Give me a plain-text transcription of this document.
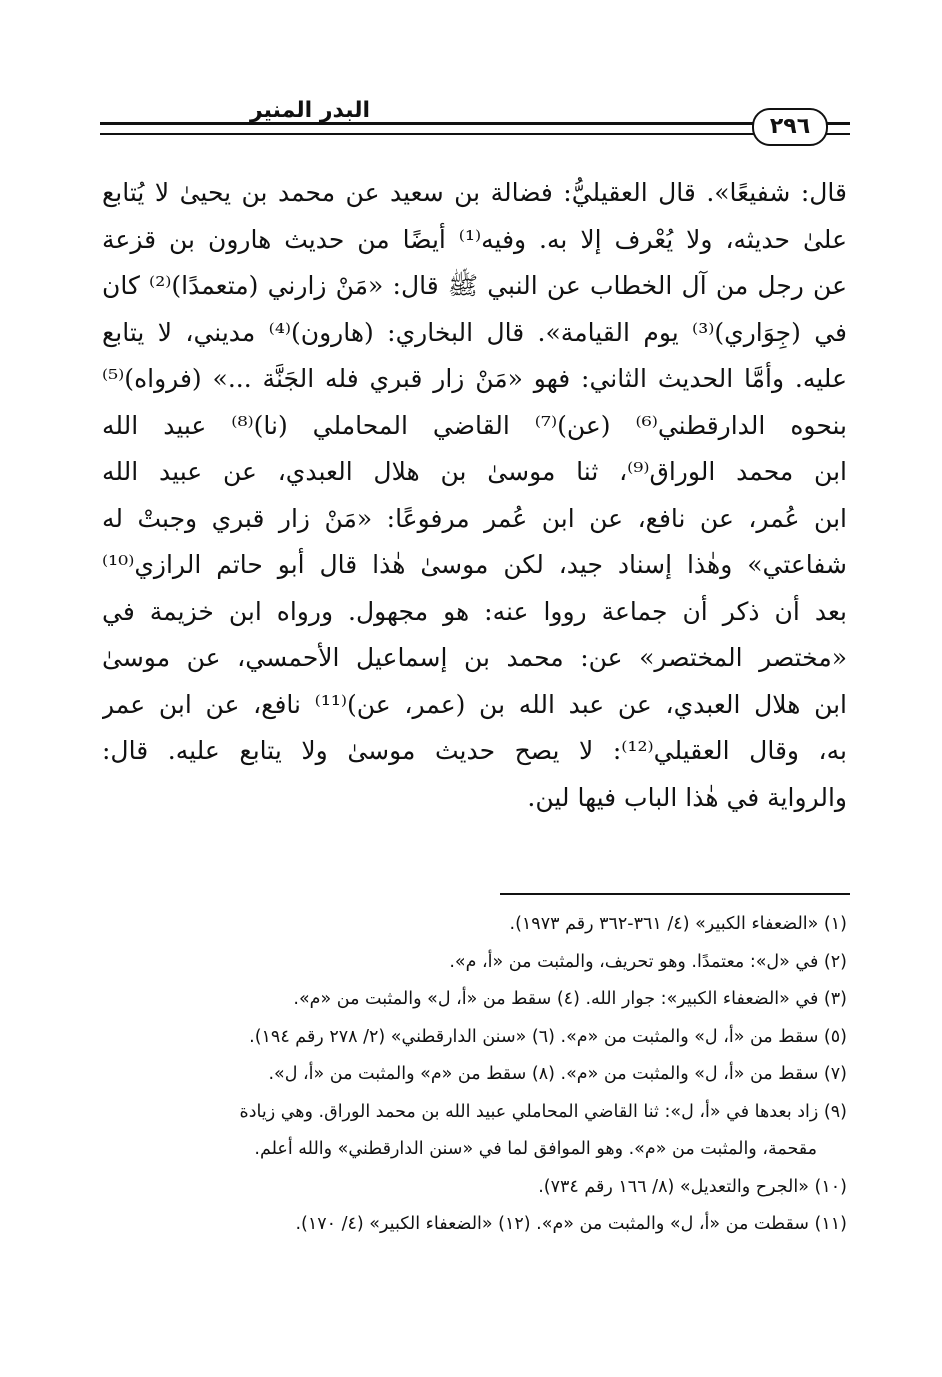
البدر المنير
٢٩٦
قال: شفيعًا». قال العقيليُّ: فضالة بن سعيد عن محمد بن يحيىٰ لا يُتابع
علىٰ حديثه، ولا يُعْرف إلا به. وفيه⁽¹⁾ أيضًا من حديث هارون بن قزعة
عن رجل من آل الخطاب عن النبي ﷺ قال: «مَنْ زارني (متعمدًا)⁽²⁾ كان
في (جِوَاري)⁽³⁾ يوم القيامة». قال البخاري: (هارون)⁽⁴⁾ مديني، لا يتابع
عليه. وأمَّا الحديث الثاني: فهو «مَنْ زار قبري فله الجَنَّة ...» (فرواه)⁽⁵⁾
بنحوه الدارقطني⁽⁶⁾ (عن)⁽⁷⁾ القاضي المحاملي (نا)⁽⁸⁾ عبيد الله
ابن محمد الوراق⁽⁹⁾، ثنا موسىٰ بن هلال العبدي، عن عبيد الله
ابن عُمر، عن نافع، عن ابن عُمر مرفوعًا: «مَنْ زار قبري وجبتْ له
شفاعتي» وهٰذا إسناد جيد، لكن موسىٰ هٰذا قال أبو حاتم الرازي⁽¹⁰⁾
بعد أن ذكر أن جماعة رووا عنه: هو مجهول. ورواه ابن خزيمة في
«مختصر المختصر» عن: محمد بن إسماعيل الأحمسي، عن موسىٰ
ابن هلال العبدي، عن عبد الله بن (عمر، عن)⁽¹¹⁾ نافع، عن ابن عمر
به، وقال العقيلي⁽¹²⁾: لا يصح حديث موسىٰ ولا يتابع عليه. قال:
والرواية في هٰذا الباب فيها لين.
(١) «الضعفاء الكبير» (٤/ ٣٦١-٣٦٢ رقم ١٩٧٣).
(٢) في «ل»: معتمدًا. وهو تحريف، والمثبت من «أ، م».
(٣) في «الضعفاء الكبير»: جوار الله. (٤) سقط من «أ، ل» والمثبت من «م».
(٥) سقط من «أ، ل» والمثبت من «م». (٦) «سنن الدارقطني» (٢/ ٢٧٨ رقم ١٩٤).
(٧) سقط من «أ، ل» والمثبت من «م». (٨) سقط من «م» والمثبت من «أ، ل».
(٩) زاد بعدها في «أ، ل»: ثنا القاضي المحاملي عبيد الله بن محمد الوراق. وهي زيادة
مقحمة، والمثبت من «م». وهو الموافق لما في «سنن الدارقطني» والله أعلم.
(١٠) «الجرح والتعديل» (٨/ ١٦٦ رقم ٧٣٤).
(١١) سقطت من «أ، ل» والمثبت من «م». (١٢) «الضعفاء الكبير» (٤/ ١٧٠).
